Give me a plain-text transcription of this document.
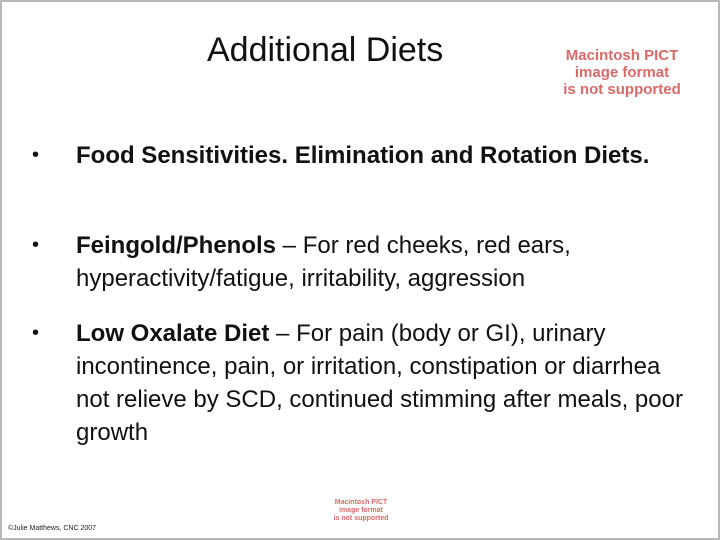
Additional Diets	Macintosh PICT
image format
is not supported
• Food Sensitivities. Elimination and Rotation Diets.
• Feingold/Phenols – For red cheeks, red ears, hyperactivity/fatigue, irritability, aggression
• Low Oxalate Diet – For pain (body or GI), urinary incontinence, pain, or irritation, constipation or diarrhea not relieve by SCD, continued stimming after meals, poor growth
Macintosh PICT
image format
is not supported
©Julie Matthews, CNC 2007
